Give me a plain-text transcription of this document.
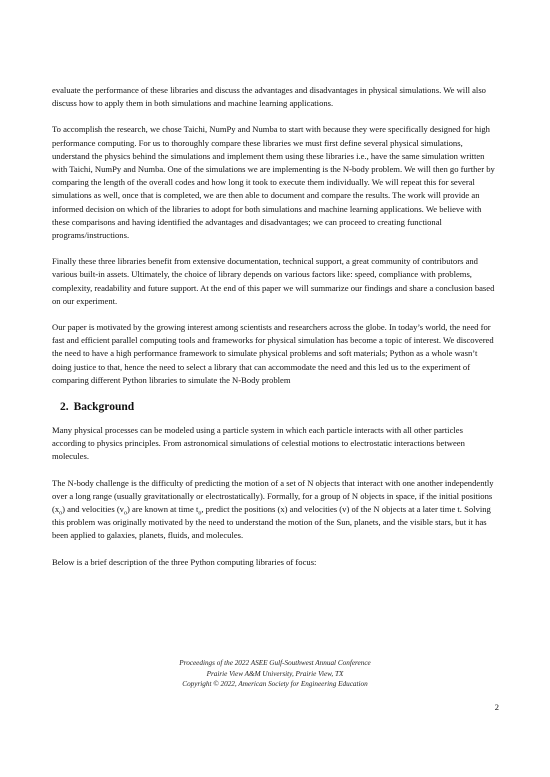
evaluate the performance of these libraries and discuss the advantages and disadvantages in physical simulations. We will also discuss how to apply them in both simulations and machine learning applications.

To accomplish the research, we chose Taichi, NumPy and Numba to start with because they were specifically designed for high performance computing. For us to thoroughly compare these libraries we must first define several physical simulations, understand the physics behind the simulations and implement them using these libraries i.e., have the same simulation written with Taichi, NumPy and Numba. One of the simulations we are implementing is the N-body problem. We will then go further by comparing the length of the overall codes and how long it took to execute them individually. We will repeat this for several simulations as well, once that is completed, we are then able to document and compare the results. The work will provide an informed decision on which of the libraries to adopt for both simulations and machine learning applications. We believe with these comparisons and having identified the advantages and disadvantages; we can proceed to creating functional programs/instructions.

Finally these three libraries benefit from extensive documentation, technical support, a great community of contributors and various built-in assets. Ultimately, the choice of library depends on various factors like: speed, compliance with problems, complexity, readability and future support. At the end of this paper we will summarize our findings and share a conclusion based on our experiment.

Our paper is motivated by the growing interest among scientists and researchers across the globe. In today’s world, the need for fast and efficient parallel computing tools and frameworks for physical simulation has become a topic of interest. We discovered the need to have a high performance framework to simulate physical problems and soft materials; Python as a whole wasn’t doing justice to that, hence the need to select a library that can accommodate the need and this led us to the experiment of comparing different Python libraries to simulate the N-Body problem

2. Background

Many physical processes can be modeled using a particle system in which each particle interacts with all other particles according to physics principles. From astronomical simulations of celestial motions to electrostatic interactions between molecules.

The N-body challenge is the difficulty of predicting the motion of a set of N objects that interact with one another independently over a long range (usually gravitationally or electrostatically). Formally, for a group of N objects in space, if the initial positions $(x_o)$ and velocities $(v_o)$ are known at time $t_o$, predict the positions (x) and velocities (v) of the N objects at a later time t. Solving this problem was originally motivated by the need to understand the motion of the Sun, planets, and the visible stars, but it has been applied to galaxies, planets, fluids, and molecules.

Below is a brief description of the three Python computing libraries of focus:

Proceedings of the 2022 ASEE Gulf-Southwest Annual Conference
Prairie View A&M University, Prairie View, TX
Copyright © 2022, American Society for Engineering Education
2
